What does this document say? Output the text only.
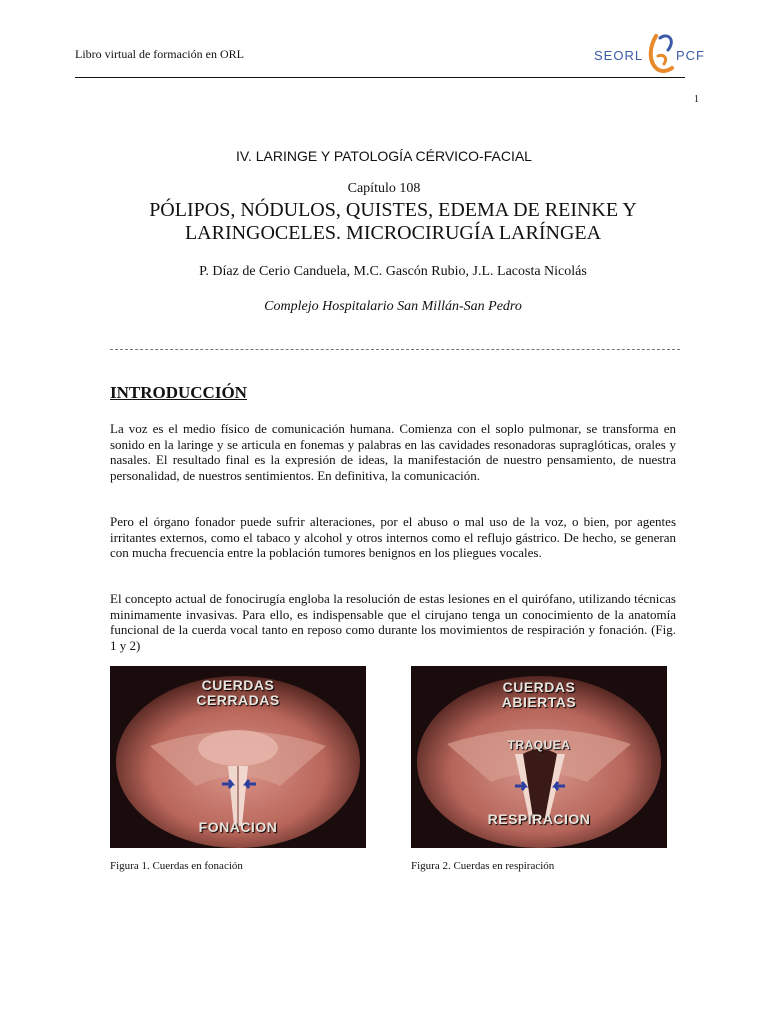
Libro virtual de formación en ORL	SEORL	PCF
1
IV. LARINGE Y PATOLOGÍA CÉRVICO-FACIAL
Capítulo 108
PÓLIPOS, NÓDULOS, QUISTES, EDEMA DE REINKE Y
LARINGOCELES. MICROCIRUGÍA LARÍNGEA
P. Díaz de Cerio Canduela, M.C. Gascón Rubio, J.L. Lacosta Nicolás
Complejo Hospitalario San Millán-San Pedro
INTRODUCCIÓN
La voz es el medio físico de comunicación humana. Comienza con el soplo pulmonar, se transforma en sonido en la laringe y se articula en fonemas y palabras en las cavidades resonadoras supraglóticas, orales y nasales. El resultado final es la expresión de ideas, la manifestación de nuestro pensamiento, de nuestra personalidad, de nuestros sentimientos. En definitiva, la comunicación.
Pero el órgano fonador puede sufrir alteraciones, por el abuso o mal uso de la voz, o bien, por agentes irritantes externos, como el tabaco y alcohol y otros internos como el reflujo gástrico. De hecho, se generan con mucha frecuencia entre la población tumores benignos en los pliegues vocales.
El concepto actual de fonocirugía engloba la resolución de estas lesiones en el quirófano, utilizando técnicas minimamente invasivas. Para ello, es indispensable que el cirujano tenga un conocimiento de la anatomía funcional de la cuerda vocal tanto en reposo como durante los movimientos de respiración y fonación. (Fig. 1 y 2)
CUERDAS
CERRADAS
FONACION
CUERDAS
ABIERTAS
TRAQUEA
RESPIRACION
Figura 1. Cuerdas en fonación	Figura 2. Cuerdas en respiración
